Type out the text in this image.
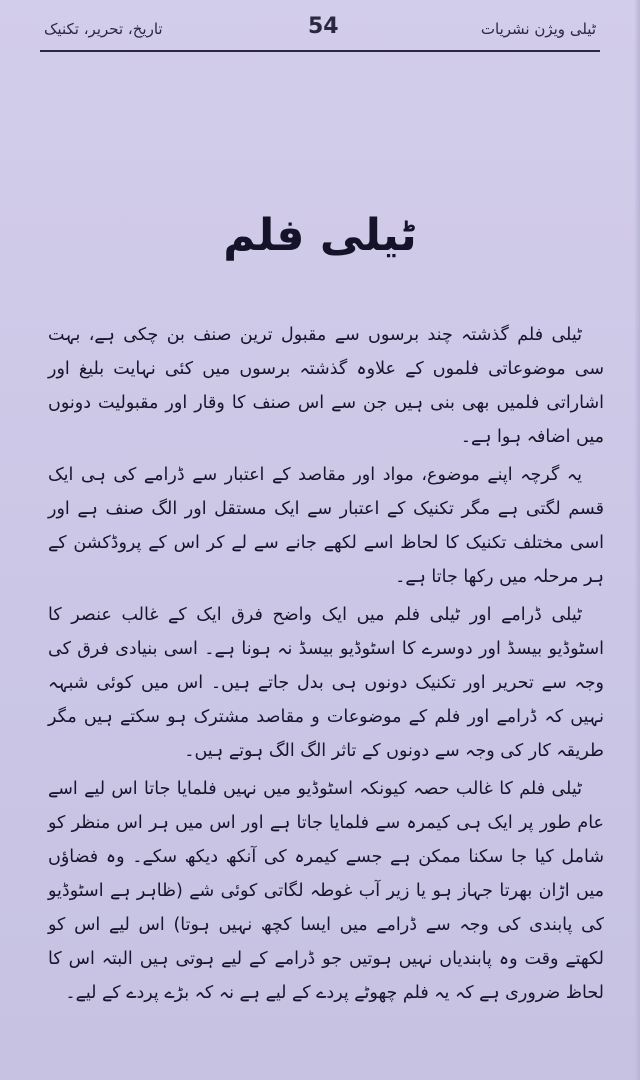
تاریخ، تحریر، تکنیک	54	ٹیلی ویژن نشریات
ٹیلی فلم

ٹیلی فلم گذشتہ چند برسوں سے مقبول ترین صنف بن چکی ہے، بہت سی موضوعاتی فلموں کے علاوہ گذشتہ برسوں میں کئی نہایت بلیغ اور اشاراتی فلمیں بھی بنی ہیں جن سے اس صنف کا وقار اور مقبولیت دونوں میں اضافہ ہوا ہے۔

یہ گرچہ اپنے موضوع، مواد اور مقاصد کے اعتبار سے ڈرامے کی ہی ایک قسم لگتی ہے مگر تکنیک کے اعتبار سے ایک مستقل اور الگ صنف ہے اور اسی مختلف تکنیک کا لحاظ اسے لکھے جانے سے لے کر اس کے پروڈکشن کے ہر مرحلہ میں رکھا جاتا ہے۔

ٹیلی ڈرامے اور ٹیلی فلم میں ایک واضح فرق ایک کے غالب عنصر کا اسٹوڈیو بیسڈ اور دوسرے کا اسٹوڈیو بیسڈ نہ ہونا ہے۔ اسی بنیادی فرق کی وجہ سے تحریر اور تکنیک دونوں ہی بدل جاتے ہیں۔ اس میں کوئی شبہہ نہیں کہ ڈرامے اور فلم کے موضوعات و مقاصد مشترک ہو سکتے ہیں مگر طریقہ کار کی وجہ سے دونوں کے تاثر الگ الگ ہوتے ہیں۔

ٹیلی فلم کا غالب حصہ کیونکہ اسٹوڈیو میں نہیں فلمایا جاتا اس لیے اسے عام طور پر ایک ہی کیمرہ سے فلمایا جاتا ہے اور اس میں ہر اس منظر کو شامل کیا جا سکنا ممکن ہے جسے کیمرہ کی آنکھ دیکھ سکے۔ وہ فضاؤں میں اڑان بھرتا جہاز ہو یا زیر آب غوطہ لگاتی کوئی شے (ظاہر ہے اسٹوڈیو کی پابندی کی وجہ سے ڈرامے میں ایسا کچھ نہیں ہوتا) اس لیے اس کو لکھتے وقت وہ پابندیاں نہیں ہوتیں جو ڈرامے کے لیے ہوتی ہیں البتہ اس کا لحاظ ضروری ہے کہ یہ فلم چھوٹے پردے کے لیے ہے نہ کہ بڑے پردے کے لیے۔
